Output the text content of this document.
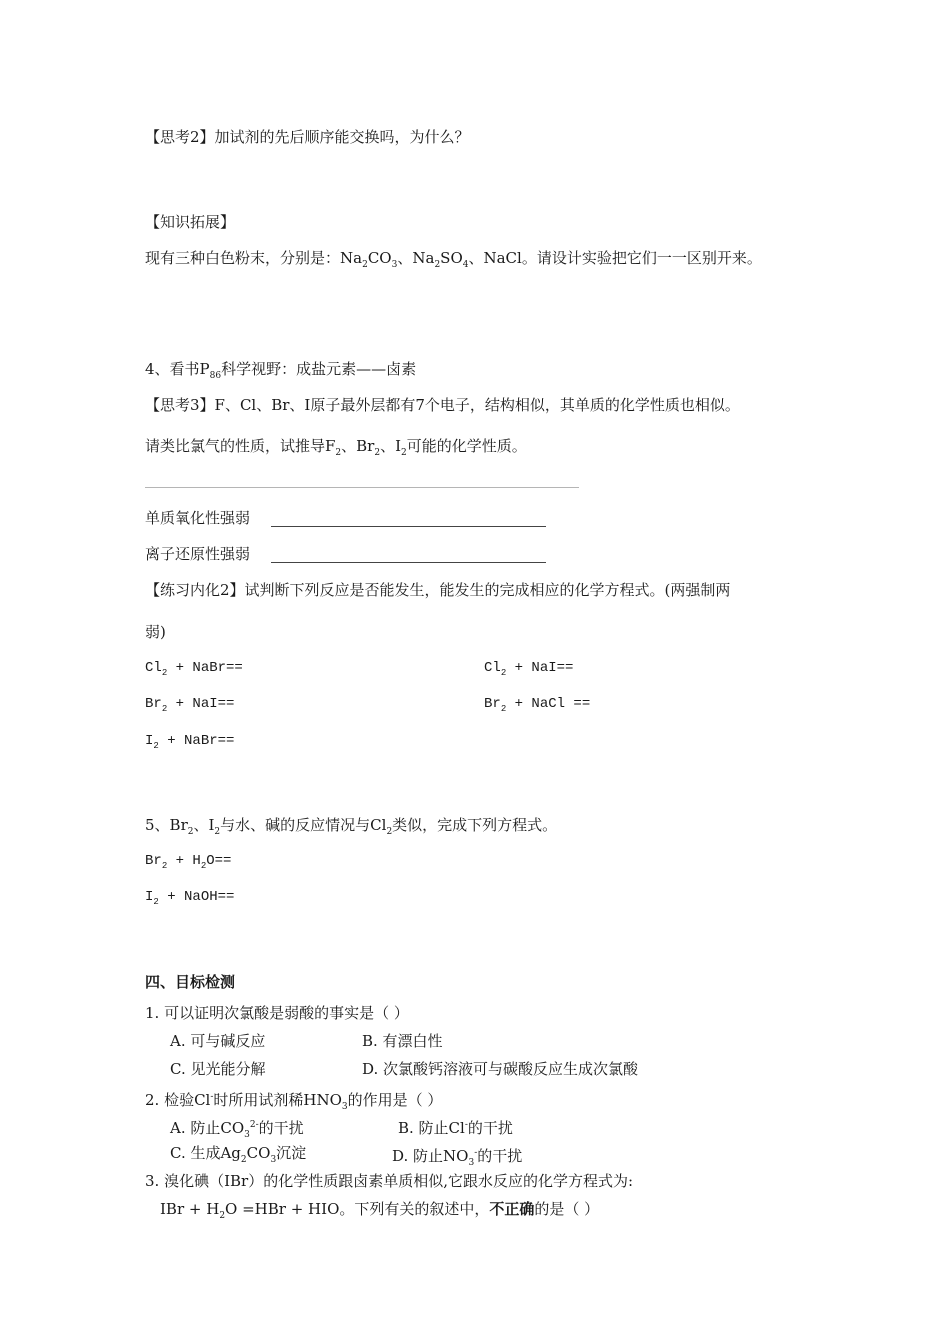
【思考2】加试剂的先后顺序能交换吗，为什么？
【知识拓展】
现有三种白色粉末，分别是：$Na_2CO_3$、$Na_2SO_4$、NaCl。请设计实验把它们一一区别开来。
4、看书$P_{86}$科学视野：成盐元素——卤素
【思考3】F、Cl、Br、I原子最外层都有7个电子，结构相似，其单质的化学性质也相似。
请类比氯气的性质，试推导$F_2$、$Br_2$、$I_2$可能的化学性质。
单质氧化性强弱
离子还原性强弱
【练习内化2】试判断下列反应是否能发生，能发生的完成相应的化学方程式。(两强制两
弱)
$Cl_2$ + NaBr==	$Cl_2 + NaI==$
$Br_2 + NaI==$	$Br_2$ + NaCl ==
$I_2$ + NaBr==
5、$Br_2$、$I_2$与水、碱的反应情况与$Cl_2$类似，完成下列方程式。
$Br_2 + H_2O==$
$I_2$ + NaOH==
四、目标检测
1. 可以证明次氯酸是弱酸的事实是（ ）
A. 可与碱反应	B. 有漂白性
C. 见光能分解	D. 次氯酸钙溶液可与碳酸反应生成次氯酸
2. 检验Cl-时所用试剂稀$HNO_3$的作用是（ ）
A. 防止$CO_3^{2-}$的干扰	B. 防止Cl-的干扰
C. 生成$Ag_2CO_3$沉淀	D. 防止$NO_3^-$的干扰
3. 溴化碘（IBr）的化学性质跟卤素单质相似,它跟水反应的化学方程式为:
IBr + $H_2O =HBr$ + HIO。下列有关的叙述中，不正确的是（ ）
